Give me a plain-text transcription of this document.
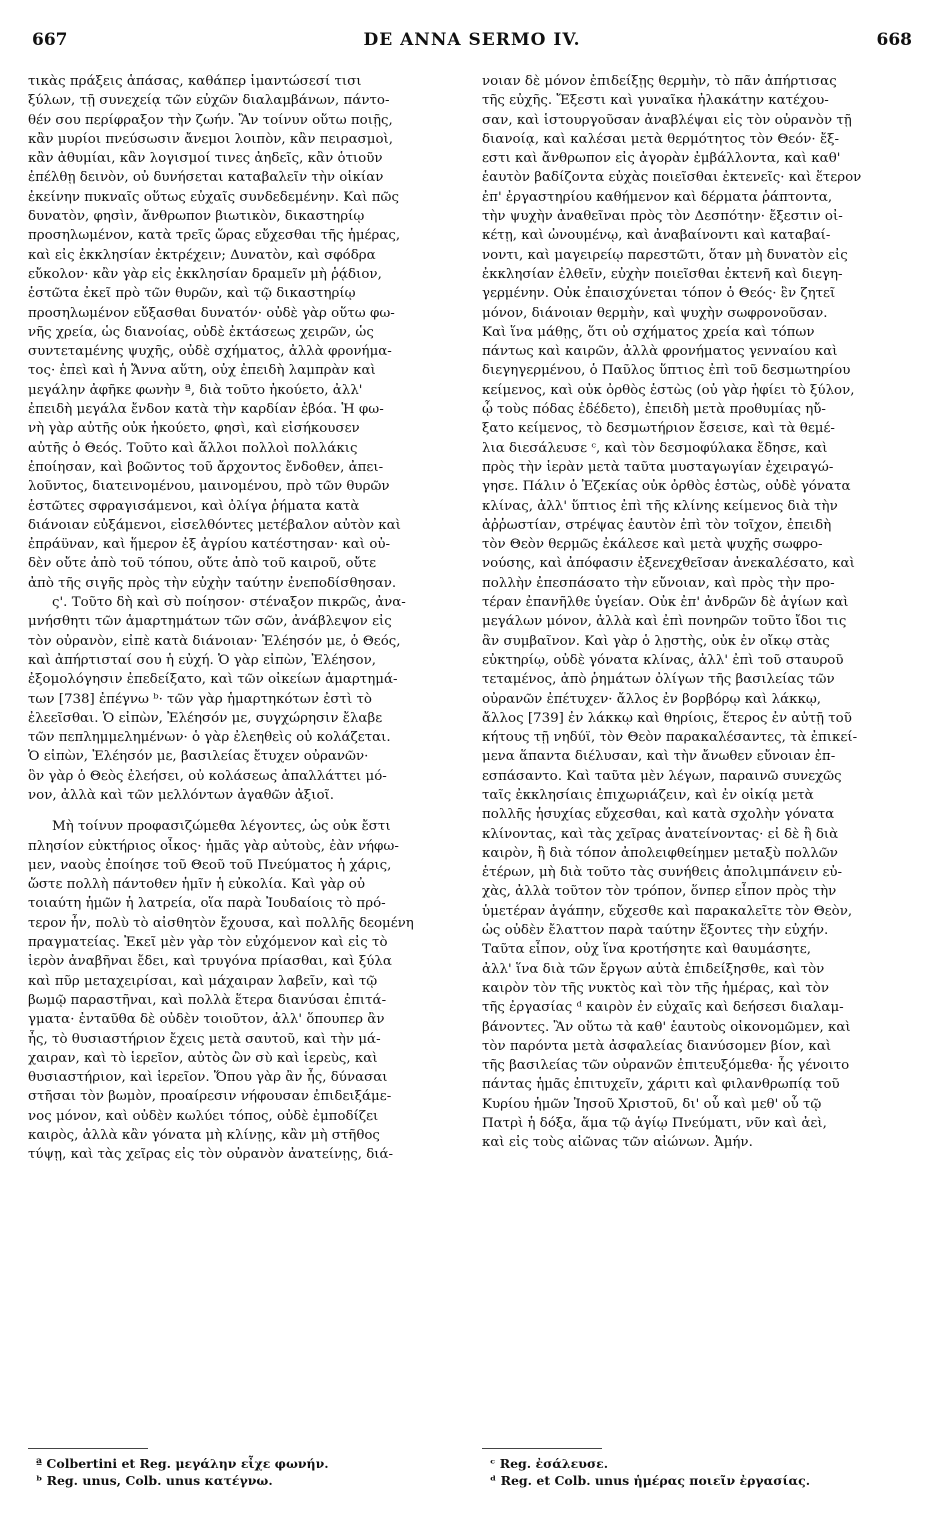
667	DE ANNA SERMO IV.	668
τικὰς πράξεις ἁπάσας, καθάπερ ἱμαντώσεσί τισι
ξύλων, τῇ συνεχείᾳ τῶν εὐχῶν διαλαμβάνων, πάντο-
θέν σου περίφραξον τὴν ζωήν. Ἂν τοίνυν οὕτω ποιῇς,
κἂν μυρίοι πνεύσωσιν ἄνεμοι λοιπὸν, κἂν πειρασμοὶ,
κἂν ἀθυμίαι, κἂν λογισμοί τινες ἀηδεῖς, κἂν ὁτιοῦν
ἐπέλθῃ δεινὸν, οὐ δυνήσεται καταβαλεῖν τὴν οἰκίαν
ἐκείνην πυκναῖς οὕτως εὐχαῖς συνδεδεμένην. Καὶ πῶς
δυνατὸν, φησὶν, ἄνθρωπον βιωτικὸν, δικαστηρίῳ
προσηλωμένον, κατὰ τρεῖς ὥρας εὔχεσθαι τῆς ἡμέρας,
καὶ εἰς ἐκκλησίαν ἐκτρέχειν; Δυνατὸν, καὶ σφόδρα
εὔκολον· κἂν γὰρ εἰς ἐκκλησίαν δραμεῖν μὴ ῥᾴδιον,
ἑστῶτα ἐκεῖ πρὸ τῶν θυρῶν, καὶ τῷ δικαστηρίῳ
προσηλωμένον εὔξασθαι δυνατόν· οὐδὲ γὰρ οὕτω φω-
νῆς χρεία, ὡς διανοίας, οὐδὲ ἐκτάσεως χειρῶν, ὡς
συντεταμένης ψυχῆς, οὐδὲ σχήματος, ἀλλὰ φρονήμα-
τος· ἐπεὶ καὶ ἡ Ἄννα αὕτη, οὐχ ἐπειδὴ λαμπρὰν καὶ
μεγάλην ἀφῆκε φωνὴν ª, διὰ τοῦτο ἠκούετο, ἀλλ'
ἐπειδὴ μεγάλα ἔνδον κατὰ τὴν καρδίαν ἐβόα. Ἡ φω-
νὴ γὰρ αὐτῆς οὐκ ἠκούετο, φησὶ, καὶ εἰσήκουσεν
αὐτῆς ὁ Θεός. Τοῦτο καὶ ἄλλοι πολλοὶ πολλάκις
ἐποίησαν, καὶ βοῶντος τοῦ ἄρχοντος ἔνδοθεν, ἀπει-
λοῦντος, διατεινομένου, μαινομένου, πρὸ τῶν θυρῶν
ἑστῶτες σφραγισάμενοι, καὶ ὀλίγα ῥήματα κατὰ
διάνοιαν εὐξάμενοι, εἰσελθόντες μετέβαλον αὐτὸν καὶ
ἐπράϋναν, καὶ ἥμερον ἐξ ἀγρίου κατέστησαν· καὶ οὐ-
δὲν οὔτε ἀπὸ τοῦ τόπου, οὔτε ἀπὸ τοῦ καιροῦ, οὔτε
ἀπὸ τῆς σιγῆς πρὸς τὴν εὐχὴν ταύτην ἐνεποδίσθησαν.
ς'. Τοῦτο δὴ καὶ σὺ ποίησον· στέναξον πικρῶς, ἀνα-
μνήσθητι τῶν ἁμαρτημάτων τῶν σῶν, ἀνάβλεψον εἰς
τὸν οὐρανὸν, εἰπὲ κατὰ διάνοιαν· Ἐλέησόν με, ὁ Θεός,
καὶ ἀπήρτισταί σου ἡ εὐχή. Ὁ γὰρ εἰπὼν, Ἐλέησον,
ἐξομολόγησιν ἐπεδείξατο, καὶ τῶν οἰκείων ἁμαρτημά-
των [738] ἐπέγνω ᵇ· τῶν γὰρ ἡμαρτηκότων ἐστὶ τὸ
ἐλεεῖσθαι. Ὁ εἰπὼν, Ἐλέησόν με, συγχώρησιν ἔλαβε
τῶν πεπλημμελημένων· ὁ γὰρ ἐλεηθεὶς οὐ κολάζεται.
Ὁ εἰπὼν, Ἐλέησόν με, βασιλείας ἔτυχεν οὐρανῶν·
ὃν γὰρ ὁ Θεὸς ἐλεήσει, οὐ κολάσεως ἀπαλλάττει μό-
νον, ἀλλὰ καὶ τῶν μελλόντων ἀγαθῶν ἀξιοῖ.
Μὴ τοίνυν προφασιζώμεθα λέγοντες, ὡς οὐκ ἔστι
πλησίον εὐκτήριος οἶκος· ἡμᾶς γὰρ αὐτοὺς, ἐὰν νήφω-
μεν, ναοὺς ἐποίησε τοῦ Θεοῦ τοῦ Πνεύματος ἡ χάρις,
ὥστε πολλὴ πάντοθεν ἡμῖν ἡ εὐκολία. Καὶ γὰρ οὐ
τοιαύτη ἡμῶν ἡ λατρεία, οἵα παρὰ Ἰουδαίοις τὸ πρό-
τερον ἦν, πολὺ τὸ αἰσθητὸν ἔχουσα, καὶ πολλῆς δεομένη
πραγματείας. Ἐκεῖ μὲν γὰρ τὸν εὐχόμενον καὶ εἰς τὸ
ἱερὸν ἀναβῆναι ἔδει, καὶ τρυγόνα πρίασθαι, καὶ ξύλα
καὶ πῦρ μεταχειρίσαι, καὶ μάχαιραν λαβεῖν, καὶ τῷ
βωμῷ παραστῆναι, καὶ πολλὰ ἕτερα διανύσαι ἐπιτά-
γματα· ἐνταῦθα δὲ οὐδὲν τοιοῦτον, ἀλλ' ὅπουπερ ἂν
ἦς, τὸ θυσιαστήριον ἔχεις μετὰ σαυτοῦ, καὶ τὴν μά-
χαιραν, καὶ τὸ ἱερεῖον, αὐτὸς ὢν σὺ καὶ ἱερεὺς, καὶ
θυσιαστήριον, καὶ ἱερεῖον. Ὅπου γὰρ ἂν ἦς, δύνασαι
στῆσαι τὸν βωμὸν, προαίρεσιν νήφουσαν ἐπιδειξάμε-
νος μόνον, καὶ οὐδὲν κωλύει τόπος, οὐδὲ ἐμποδίζει
καιρὸς, ἀλλὰ κἂν γόνατα μὴ κλίνῃς, κἂν μὴ στῆθος
τύψῃ, καὶ τὰς χεῖρας εἰς τὸν οὐρανὸν ἀνατείνῃς, διά-
νοιαν δὲ μόνον ἐπιδείξῃς θερμὴν, τὸ πᾶν ἀπήρτισας
τῆς εὐχῆς. Ἔξεστι καὶ γυναῖκα ἠλακάτην κατέχου-
σαν, καὶ ἱστουργοῦσαν ἀναβλέψαι εἰς τὸν οὐρανὸν τῇ
διανοίᾳ, καὶ καλέσαι μετὰ θερμότητος τὸν Θεόν· ἔξ-
εστι καὶ ἄνθρωπον εἰς ἀγορὰν ἐμβάλλοντα, καὶ καθ'
ἑαυτὸν βαδίζοντα εὐχὰς ποιεῖσθαι ἐκτενεῖς· καὶ ἕτερον
ἐπ' ἐργαστηρίου καθήμενον καὶ δέρματα ῥάπτοντα,
τὴν ψυχὴν ἀναθεῖναι πρὸς τὸν Δεσπότην· ἔξεστιν οἰ-
κέτῃ, καὶ ὠνουμένῳ, καὶ ἀναβαίνοντι καὶ καταβαί-
νοντι, καὶ μαγειρείῳ παρεστῶτι, ὅταν μὴ δυνατὸν εἰς
ἐκκλησίαν ἐλθεῖν, εὐχὴν ποιεῖσθαι ἐκτενῆ καὶ διεγη-
γερμένην. Οὐκ ἐπαισχύνεται τόπον ὁ Θεός· ἓν ζητεῖ
μόνον, διάνοιαν θερμὴν, καὶ ψυχὴν σωφρονοῦσαν.
Καὶ ἵνα μάθῃς, ὅτι οὐ σχήματος χρεία καὶ τόπων
πάντως καὶ καιρῶν, ἀλλὰ φρονήματος γενναίου καὶ
διεγηγερμένου, ὁ Παῦλος ὕπτιος ἐπὶ τοῦ δεσμωτηρίου
κείμενος, καὶ οὐκ ὀρθὸς ἑστὼς (οὐ γὰρ ἠφίει τὸ ξύλον,
ᾧ τοὺς πόδας ἐδέδετο), ἐπειδὴ μετὰ προθυμίας ηὔ-
ξατο κείμενος, τὸ δεσμωτήριον ἔσεισε, καὶ τὰ θεμέ-
λια διεσάλευσε ᶜ, καὶ τὸν δεσμοφύλακα ἔδησε, καὶ
πρὸς τὴν ἱερὰν μετὰ ταῦτα μυσταγωγίαν ἐχειραγώ-
γησε. Πάλιν ὁ Ἐζεκίας οὐκ ὀρθὸς ἑστὼς, οὐδὲ γόνατα
κλίνας, ἀλλ' ὕπτιος ἐπὶ τῆς κλίνης κείμενος διὰ τὴν
ἀῤῥωστίαν, στρέψας ἑαυτὸν ἐπὶ τὸν τοῖχον, ἐπειδὴ
τὸν Θεὸν θερμῶς ἐκάλεσε καὶ μετὰ ψυχῆς σωφρο-
νούσης, καὶ ἀπόφασιν ἐξενεχθεῖσαν ἀνεκαλέσατο, καὶ
πολλὴν ἐπεσπάσατο τὴν εὔνοιαν, καὶ πρὸς τὴν προ-
τέραν ἐπανῆλθε ὑγείαν. Οὐκ ἐπ' ἀνδρῶν δὲ ἁγίων καὶ
μεγάλων μόνον, ἀλλὰ καὶ ἐπὶ πονηρῶν τοῦτο ἴδοι τις
ἂν συμβαῖνον. Καὶ γὰρ ὁ λῃστὴς, οὐκ ἐν οἴκῳ στὰς
εὐκτηρίῳ, οὐδὲ γόνατα κλίνας, ἀλλ' ἐπὶ τοῦ σταυροῦ
τεταμένος, ἀπὸ ῥημάτων ὀλίγων τῆς βασιλείας τῶν
οὐρανῶν ἐπέτυχεν· ἄλλος ἐν βορβόρῳ καὶ λάκκῳ,
ἄλλος [739] ἐν λάκκῳ καὶ θηρίοις, ἕτερος ἐν αὐτῇ τοῦ
κήτους τῇ νηδύϊ, τὸν Θεὸν παρακαλέσαντες, τὰ ἐπικεί-
μενα ἅπαντα διέλυσαν, καὶ τὴν ἄνωθεν εὔνοιαν ἐπ-
εσπάσαντο. Καὶ ταῦτα μὲν λέγων, παραινῶ συνεχῶς
ταῖς ἐκκλησίαις ἐπιχωριάζειν, καὶ ἐν οἰκίᾳ μετὰ
πολλῆς ἡσυχίας εὔχεσθαι, καὶ κατὰ σχολὴν γόνατα
κλίνοντας, καὶ τὰς χεῖρας ἀνατείνοντας· εἰ δὲ ἢ διὰ
καιρὸν, ἢ διὰ τόπον ἀπολειφθείημεν μεταξὺ πολλῶν
ἑτέρων, μὴ διὰ τοῦτο τὰς συνήθεις ἀπολιμπάνειν εὐ-
χὰς, ἀλλὰ τοῦτον τὸν τρόπον, ὅνπερ εἶπον πρὸς τὴν
ὑμετέραν ἀγάπην, εὔχεσθε καὶ παρακαλεῖτε τὸν Θεὸν,
ὡς οὐδὲν ἔλαττον παρὰ ταύτην ἕξοντες τὴν εὐχήν.
Ταῦτα εἶπον, οὐχ ἵνα κροτήσητε καὶ θαυμάσητε,
ἀλλ' ἵνα διὰ τῶν ἔργων αὐτὰ ἐπιδείξησθε, καὶ τὸν
καιρὸν τὸν τῆς νυκτὸς καὶ τὸν τῆς ἡμέρας, καὶ τὸν
τῆς ἐργασίας ᵈ καιρὸν ἐν εὐχαῖς καὶ δεήσεσι διαλαμ-
βάνοντες. Ἂν οὕτω τὰ καθ' ἑαυτοὺς οἰκονομῶμεν, καὶ
τὸν παρόντα μετὰ ἀσφαλείας διανύσομεν βίον, καὶ
τῆς βασιλείας τῶν οὐρανῶν ἐπιτευξόμεθα· ἧς γένοιτο
πάντας ἡμᾶς ἐπιτυχεῖν, χάριτι καὶ φιλανθρωπίᾳ τοῦ
Κυρίου ἡμῶν Ἰησοῦ Χριστοῦ, δι' οὗ καὶ μεθ' οὗ τῷ
Πατρὶ ἡ δόξα, ἅμα τῷ ἁγίῳ Πνεύματι, νῦν καὶ ἀεὶ,
καὶ εἰς τοὺς αἰῶνας τῶν αἰώνων. Ἀμήν.
ª Colbertini et Reg. μεγάλην εἶχε φωνήν.
ᵇ Reg. unus, Colb. unus κατέγνω.
ᶜ Reg. ἐσάλευσε.
ᵈ Reg. et Colb. unus ἡμέρας ποιεῖν ἐργασίας.
